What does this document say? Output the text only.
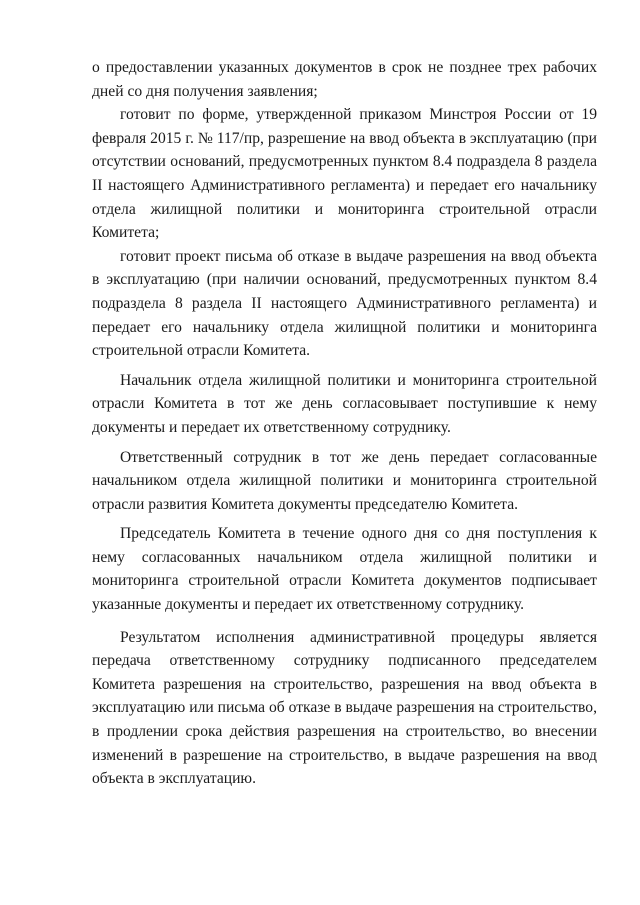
о предоставлении указанных документов в срок не позднее трех рабочих дней со дня получения заявления;

готовит по форме, утвержденной приказом Минстроя России от 19 февраля 2015 г. № 117/пр, разрешение на ввод объекта в эксплуатацию (при отсутствии оснований, предусмотренных пунктом 8.4 подраздела 8 раздела II настоящего Административного регламента) и передает его начальнику отдела жилищной политики и мониторинга строительной отрасли Комитета;

готовит проект письма об отказе в выдаче разрешения на ввод объекта в эксплуатацию (при наличии оснований, предусмотренных пунктом 8.4 подраздела 8 раздела II настоящего Административного регламента) и передает его начальнику отдела жилищной политики и мониторинга строительной отрасли Комитета.

Начальник отдела жилищной политики и мониторинга строительной отрасли Комитета в тот же день согласовывает поступившие к нему документы и передает их ответственному сотруднику.

Ответственный сотрудник в тот же день передает согласованные начальником отдела жилищной политики и мониторинга строительной отрасли развития Комитета документы председателю Комитета.

Председатель Комитета в течение одного дня со дня поступления к нему согласованных начальником отдела жилищной политики и мониторинга строительной отрасли Комитета документов подписывает указанные документы и передает их ответственному сотруднику.

Результатом исполнения административной процедуры является передача ответственному сотруднику подписанного председателем Комитета разрешения на строительство, разрешения на ввод объекта в эксплуатацию или письма об отказе в выдаче разрешения на строительство, в продлении срока действия разрешения на строительство, во внесении изменений в разрешение на строительство, в выдаче разрешения на ввод объекта в эксплуатацию.
